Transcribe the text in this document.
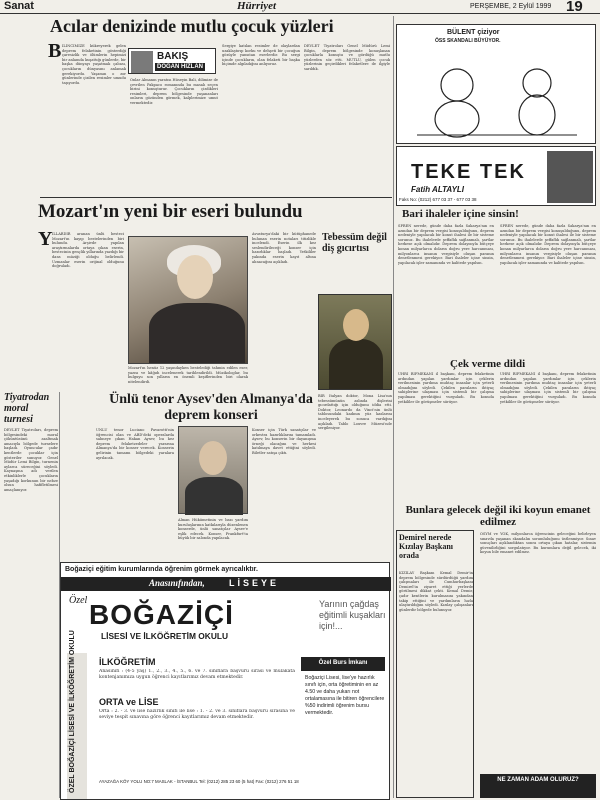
Sanat	Hürriyet	PERŞEMBE, 2 Eylül 1999 19
Acılar denizinde mutlu çocuk yüzleri
B İLİNCİMİZE kükreyerek gelen deprem felaketinin gösterdiği çaresizlik ve ölümlerin hepimizi bir anlamda kuşattığı günlerde, bir başka dünyayı yaşatmak çabası, çocukların dünyasını anlamak gerekiyordu. Yaşamın o zor günlerinde çizilen resimler umudu taşıyordu.

BAKIŞ
DOĞAN HIZLAN

Onlar Almanın yaratısı Hüseyin Bali, dilimize de çevrilen Pakpaco romanında bu masalı seçen birini konuşturur. Çocukların çizdikleri resimleri, deprem bölgesinde yaşananları onların gözünden görmek, kalplerimize umut vermektedir.

Sergiye katılan resimler de olaylardan uzaklaştırıp korku ve dehşeti bir çocuğun gözüyle yansıtan eserlerdir. Bu sergi içinde çocukların, olan felaketi bir başka biçimde algıladığını anlıyoruz.

DEVLET Tiyatroları Genel Müdürü Lemi Bilgin, deprem bölgesinde konuşlanan çocuklarla konuştu ve gördüğü mutlu yüzlerden söz etti. MUTLU, gülen çocuk yüzlerinin geçirdikleri felaketlere de ilgiyle sarıldık.

BÜLENT çiziyor
ÖSS SKANDALI BÜYÜYOR.
TEKE TEK
Fatih ALTAYLI
Faks No: (0212) 677 03 37 - 677 03 38
Bari ihaleler içine sinsin!

SPREN nerede, günde daha fazla Sakarya'nın en azından bir deprem vergisi konuşulduğunu, deprem nedeniyle yapılacak bir konut ihalesi ile bir sisteme sorunuz. Bu ihalelerde şeffaflık sağlanmalı, şartlar herkese açık olmalıdır. Deprem dolayısıyla bütçeye konan milyarlarca doların doğru yere harcanması, milyonlarca insanın vergisiyle oluşan paranın denetlenmesi gerekiyor. Bari ihaleler içine sinsin, yapılacak işler zamanında ve kalitede yapılsın.

SPREN nerede, günde daha fazla Sakarya'nın en azından bir deprem vergisi konuşulduğunu, deprem nedeniyle yapılacak bir konut ihalesi ile bir sisteme sorunuz. Bu ihalelerde şeffaflık sağlanmalı, şartlar herkese açık olmalıdır. Deprem dolayısıyla bütçeye konan milyarlarca doların doğru yere harcanması, milyonlarca insanın vergisiyle oluşan paranın denetlenmesi gerekiyor. Bari ihaleler içine sinsin, yapılacak işler zamanında ve kalitede yapılsın.

Mozart'ın yeni bir eseri bulundu
Y ILLARDIR aranan ünlü besteci Mozart'ın kayıp bestelerinden biri bulundu. Arşivde yapılan araştırmalarda ortaya çıkan eserin, bestecinin gençlik yıllarında yazdığı bir dans müziği olduğu belirlendi. Uzmanlar eserin orijinal olduğunu doğruladı.

Mozart'ın henüz 12 yaşındayken bestelediği tahmin edilen eser, yazısı ve kâğıdı incelenerek tarihlendirildi. Müzikologlar, bu bulguyu son yılların en önemli keşiflerinden biri olarak nitelendirdi.

Avusturya'daki bir kütüphanede bulunan eserin notaları titizlikle incelendi. Eserin ilk kez seslendirileceği konser için hazırlıklar başladı. Yetkililer yakında eserin kayıt altına alınacağını açıkladı.

Tebessüm değil diş gıcırtısı

BİR İtalyan doktor, Mona Lisa'nın tebessümünün aslında dişlerini gıcırdattığı için olduğunu iddia etti. Doktor, Leonardo da Vinci'nin ünlü tablosundaki kadının yüz kaslarını inceleyerek bu sonuca vardığını açıkladı. Tablo Louvre Müzesi'nde sergileniyor.

Çek verme dildi

UHRİ RİFMEKANİ il başkanı, deprem felaketinin ardından yapılan yardımlar için çeklerin verilmesinin yardıma muhtaç insanlar için yeterli olmadığını söyledi. Çekilen paraların ihtiyaç sahiplerine ulaşması için sistemli bir çalışma yapılması gerektiğini vurguladı. Bu konuda yetkililer ile görüşmeler sürüyor.

UHRİ RİFMEKANİ il başkanı, deprem felaketinin ardından yapılan yardımlar için çeklerin verilmesinin yardıma muhtaç insanlar için yeterli olmadığını söyledi. Çekilen paraların ihtiyaç sahiplerine ulaşması için sistemli bir çalışma yapılması gerektiğini vurguladı. Bu konuda yetkililer ile görüşmeler sürüyor.

Tiyatrodan moral turnesi

DEVLET Tiyatroları, deprem bölgesindeki moral çöküntüsünü azaltmak amacıyla bölgede turnelere başladı. Oyuncular çadır kentlerde çocuklar için gösteriler sunuyor. Genel Müdür Lemi Bilgin, turnenin aylarca süreceğini söyledi. Kaynaşma adı verilen etkinliklerle çocukların yaşadığı korkunun bir nebze olsun hafifletilmesi amaçlanıyor.

Ünlü tenor Aysev'den Almanya'da deprem konseri

ÜNLÜ tenor Luciano Pavarotti'nin öğrencisi olan ve ABD'deki operalarda sahneye çıkan Hakan Aysev, bu kez deprem felaketzedeler yararına Almanya'da bir konser verecek. Konserin gelirinin tamamı bölgedeki yaralara ayrılacak.

Alman Hükümetinin ve bazı yardım kuruluşlarının katkılarıyla düzenlenen konserde, ünlü sanatçılar Aysev'e eşlik edecek. Konser, Frankfurt'ta büyük bir salonda yapılacak.

Konser için Türk sanatçılar ve orkestra hazırlıklarını tamamladı. Aysev, bu konserin bir dayanışma örneği olacağını ve herkesi katılmaya davet ettiğini söyledi. Biletler satışa çıktı.

Bunlara gelecek değil iki koyun emanet edilmez

ÖSYM ve YÖK, milyonlarca öğrencinin geleceğini belirleyen sınavda yaşanan skandalın sorumluluğunu üstlenmiyor. Sınav sonuçları açıklandıktan sonra ortaya çıkan hatalar, sistemin güvenilirliğini sorgulatıyor. Bu kurumlara değil gelecek, iki koyun bile emanet edilmez.

Demirel nerede Kızılay Başkanı orada

KIZILAY Başkanı Kemal Demir'in deprem bölgesinde sürdürdüğü yardım çalışmaları ile Cumhurbaşkanı Demirel'in ziyaret ettiği yerlerde görülmesi dikkat çekti. Kemal Demir, çadır kentlerin kurulmasını yakından takip ettiğini ve yardımların hızla ulaştırıldığını söyledi. Kızılay çalışanları günlerdir bölgede bulunuyor.

NE ZAMAN ADAM OLURUZ?
Boğaziçi eğitim kurumlarında öğrenim görmek ayrıcalıktır.
Anasınıfından,	LİSEYE
Özel BOĞAZİÇİ
LİSESİ VE İLKÖĞRETİM OKULU
Yarının çağdaş eğitimli kuşakları için!...
ÖZEL BOĞAZİÇİ LİSESİ VE İLKÖĞRETİM OKULU	İLKÖĞRETİM

Anasınıfı : (4-5 yaş) 1., 2., 3., 4., 5., 6. ve 7. sınıflara başvuru sırası ve mülakata kontenjanımıza uygun öğrenci kayıtlarımız devam etmektedir.

ORTA ve LİSE

Orta : 2. - 3. ve lise hazırlık sınıfı ile lise : 1. - 2. ve 3. sınıflara başvuru sırasına ve seviye tespit sınavına göre öğrenci kayıtlarımız devam etmektedir.

AYAZAĞA KÖY YOLU NO:7 MASLAK - İSTANBUL Tel: (0212) 285 23 60 (5 hat) Fax: (0212) 276 51 18
Özel Burs İmkanı
Boğaziçi Lisesi, lise'ye hazırlık sınıfı için, orta öğretiminin en az 4.50 ve daha yukarı not ortalamasına ile bitiren öğrencilere %50 indirimli öğrenim bursu vermektedir.
